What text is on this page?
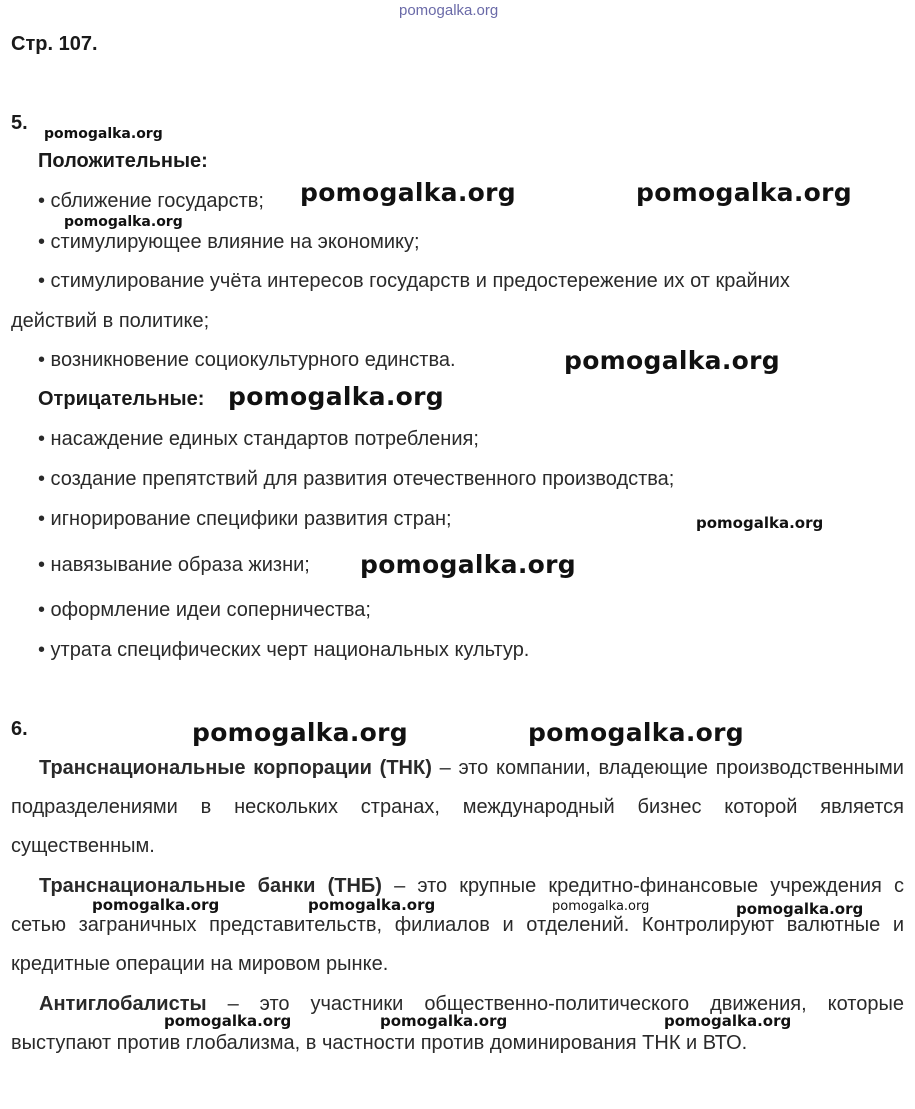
pomogalka.org
Стр. 107.
5.
Положительные:
• сближение государств;
• стимулирующее влияние на экономику;
• стимулирование учёта интересов государств и предостережение их от крайних
действий в политике;
• возникновение социокультурного единства.
Отрицательные:
• насаждение единых стандартов потребления;
• создание препятствий для развития отечественного производства;
• игнорирование специфики развития стран;
• навязывание образа жизни;
• оформление идеи соперничества;
• утрата специфических черт национальных культур.
6.
Транснациональные корпорации (ТНК) – это компании, владеющие производственными подразделениями в нескольких странах, международный бизнес которой является существенным.
Транснациональные банки (ТНБ) – это крупные кредитно-финансовые учреждения с сетью заграничных представительств, филиалов и отделений. Контролируют валютные и кредитные операции на мировом рынке.
Антиглобалисты – это участники общественно-политического движения, которые выступают против глобализма, в частности против доминирования ТНК и ВТО.
pomogalka.org
pomogalka.org	pomogalka.org
pomogalka.org
pomogalka.org
pomogalka.org
pomogalka.org
pomogalka.org
pomogalka.org	pomogalka.org
pomogalka.org	pomogalka.org	pomogalka.org	pomogalka.org
pomogalka.org	pomogalka.org	pomogalka.org
